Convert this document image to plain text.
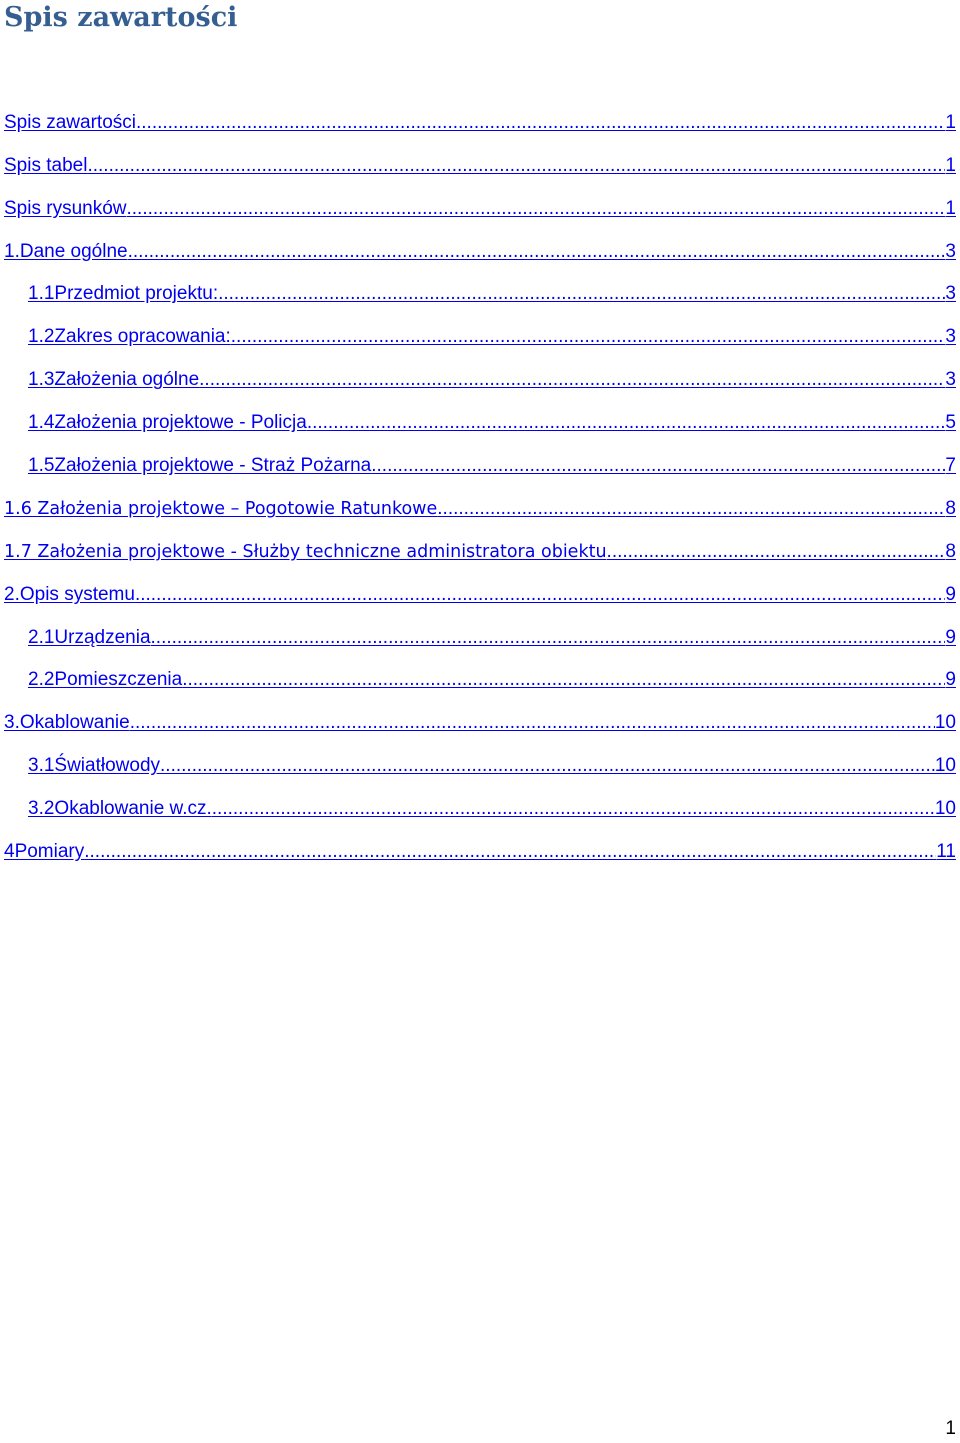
Spis zawartości
Spis zawartości .....	1
Spis tabel .....	1
Spis rysunków .....	1
1.Dane ogólne .....	3
1.1Przedmiot projektu: .....	3
1.2Zakres opracowania: .....	3
1.3Założenia ogólne .....	3
1.4Założenia projektowe - Policja .....	5
1.5Założenia projektowe - Straż Pożarna .....	7
1.6 Założenia projektowe – Pogotowie Ratunkowe .....	8
1.7 Założenia projektowe - Służby techniczne administratora obiektu .....	8
2.Opis systemu .....	9
2.1Urządzenia .....	9
2.2Pomieszczenia .....	9
3.Okablowanie .....	10
3.1Światłowody .....	10
3.2Okablowanie w.cz. .....	10
4Pomiary .....	11
1
